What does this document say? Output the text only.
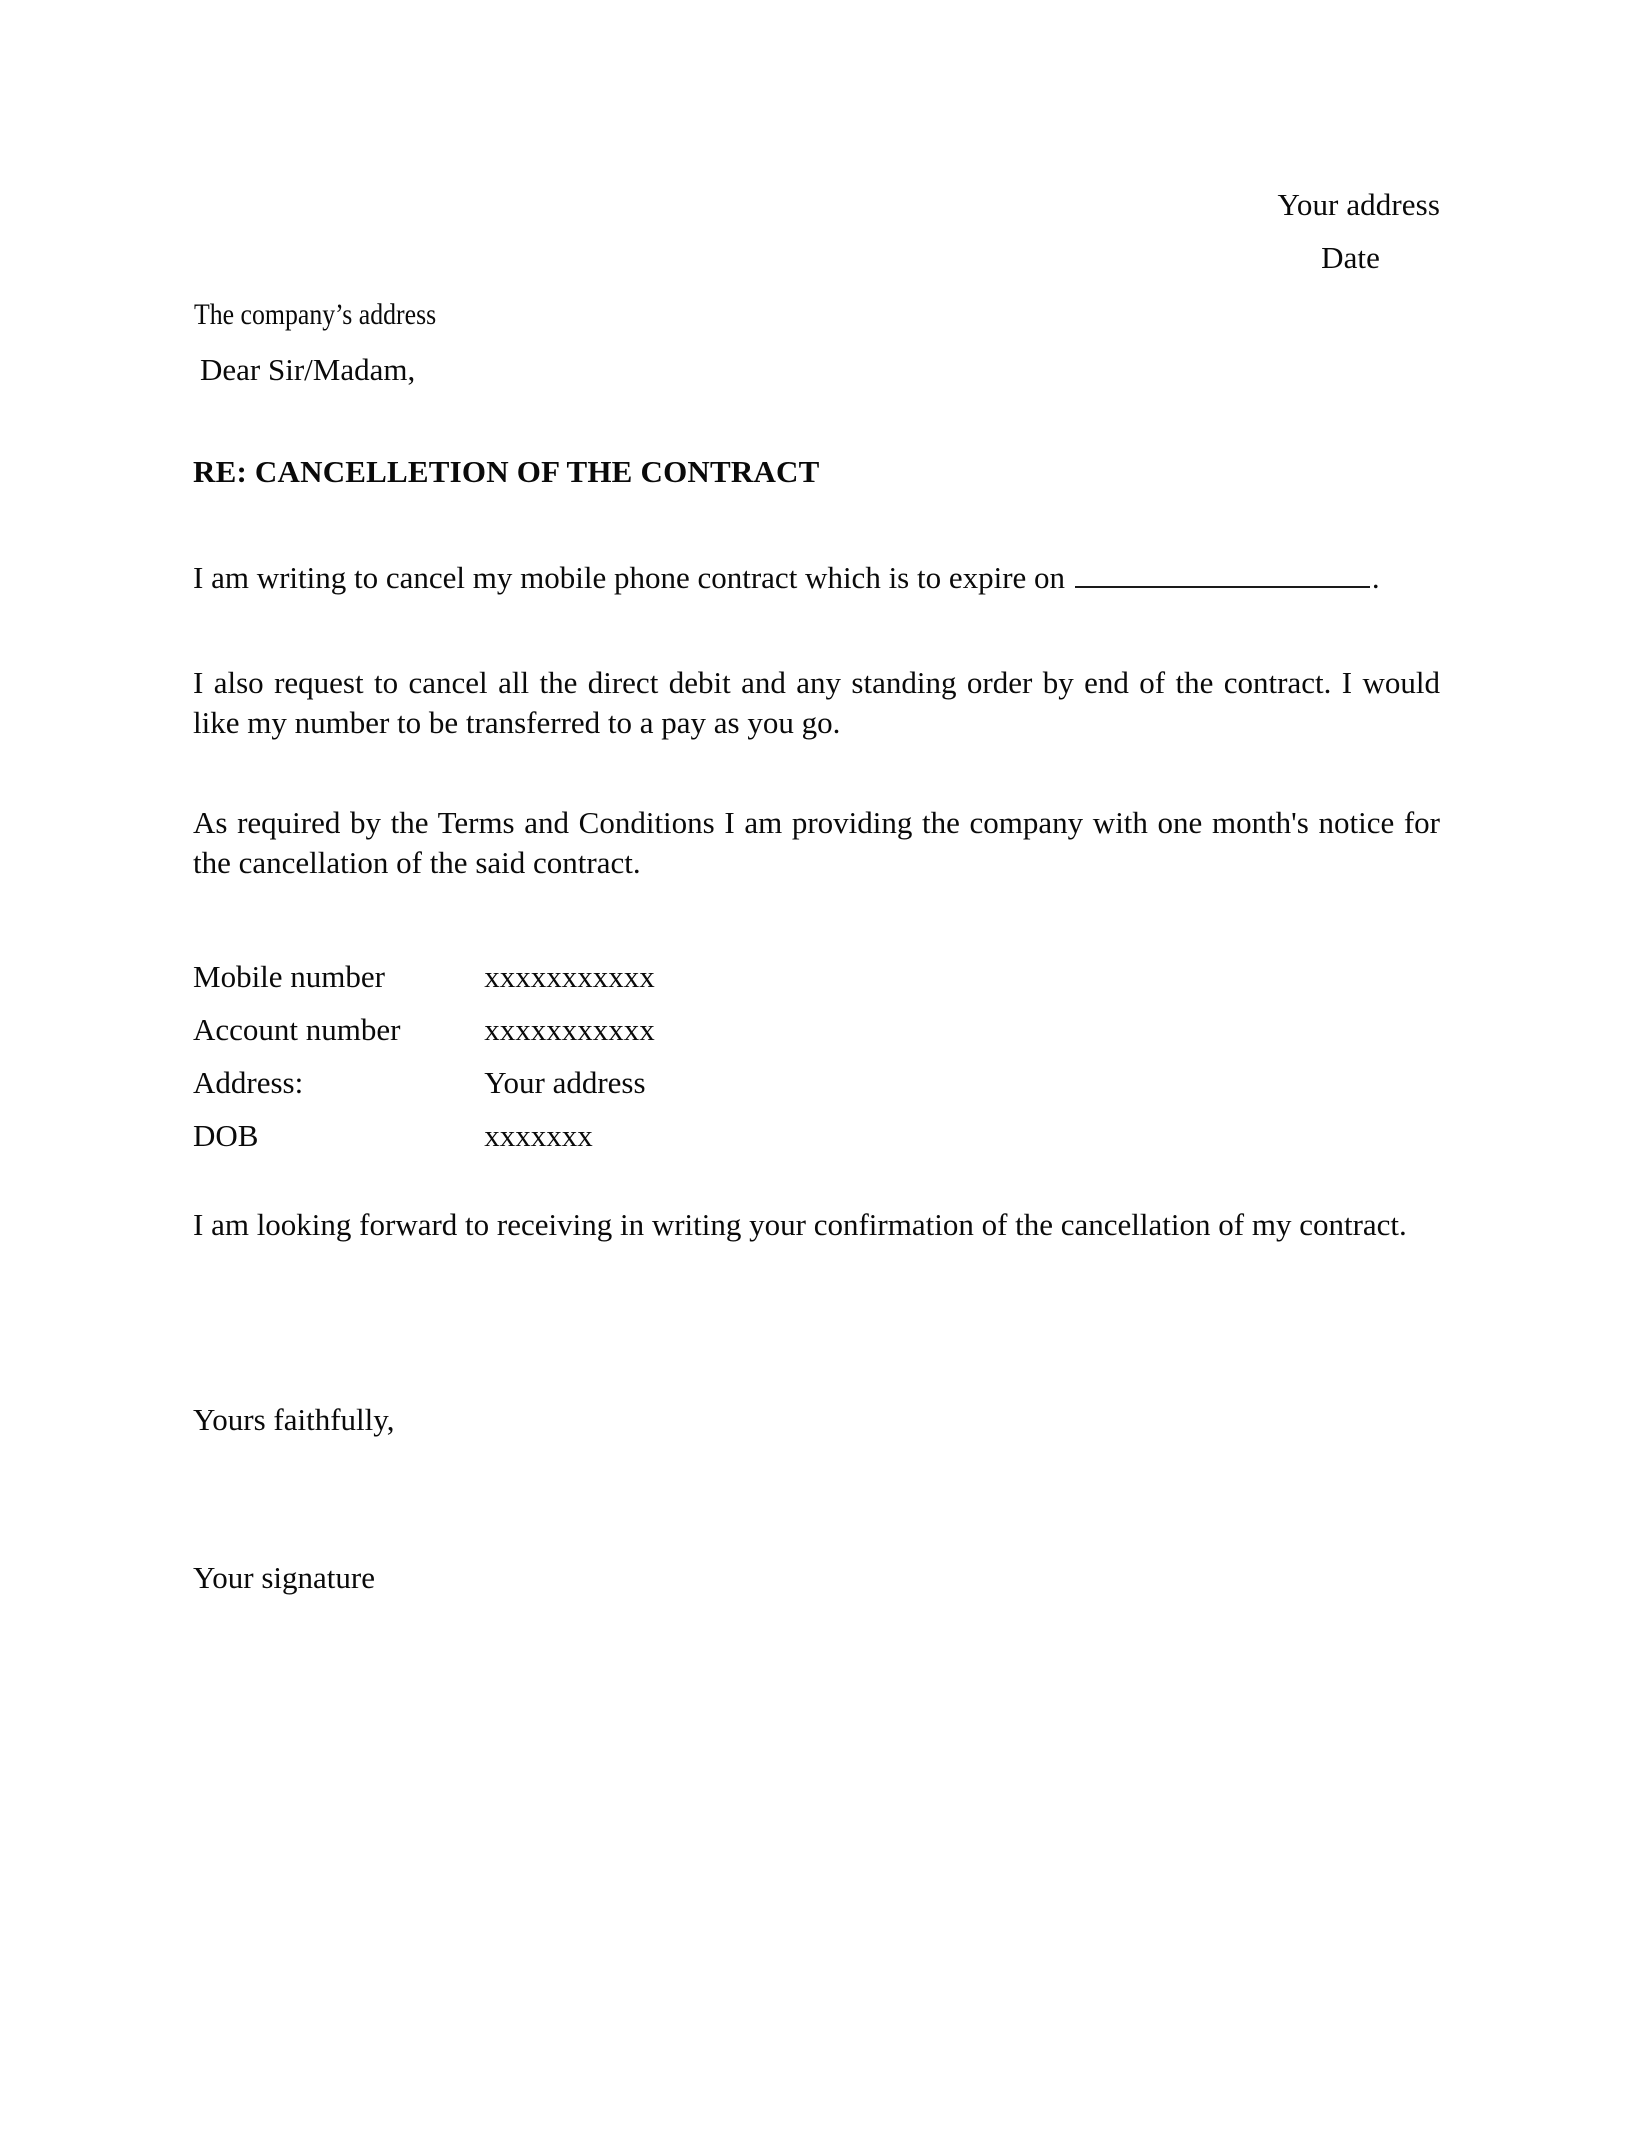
Your address
Date
The company’s address
Dear Sir/Madam,
RE: CANCELLETION OF THE CONTRACT
I am writing to cancel my mobile phone contract which is to expire on	.
I also request to cancel all the direct debit and any standing order by end of the contract. I would like my number to be transferred to a pay as you go.
As required by the Terms and Conditions I am providing the company with one month's notice for the cancellation of the said contract.
Mobile number	xxxxxxxxxxx
Account number	xxxxxxxxxxx
Address:	Your address
DOB	xxxxxxx
I am looking forward to receiving in writing your confirmation of the cancellation of my contract.
Yours faithfully,
Your signature
